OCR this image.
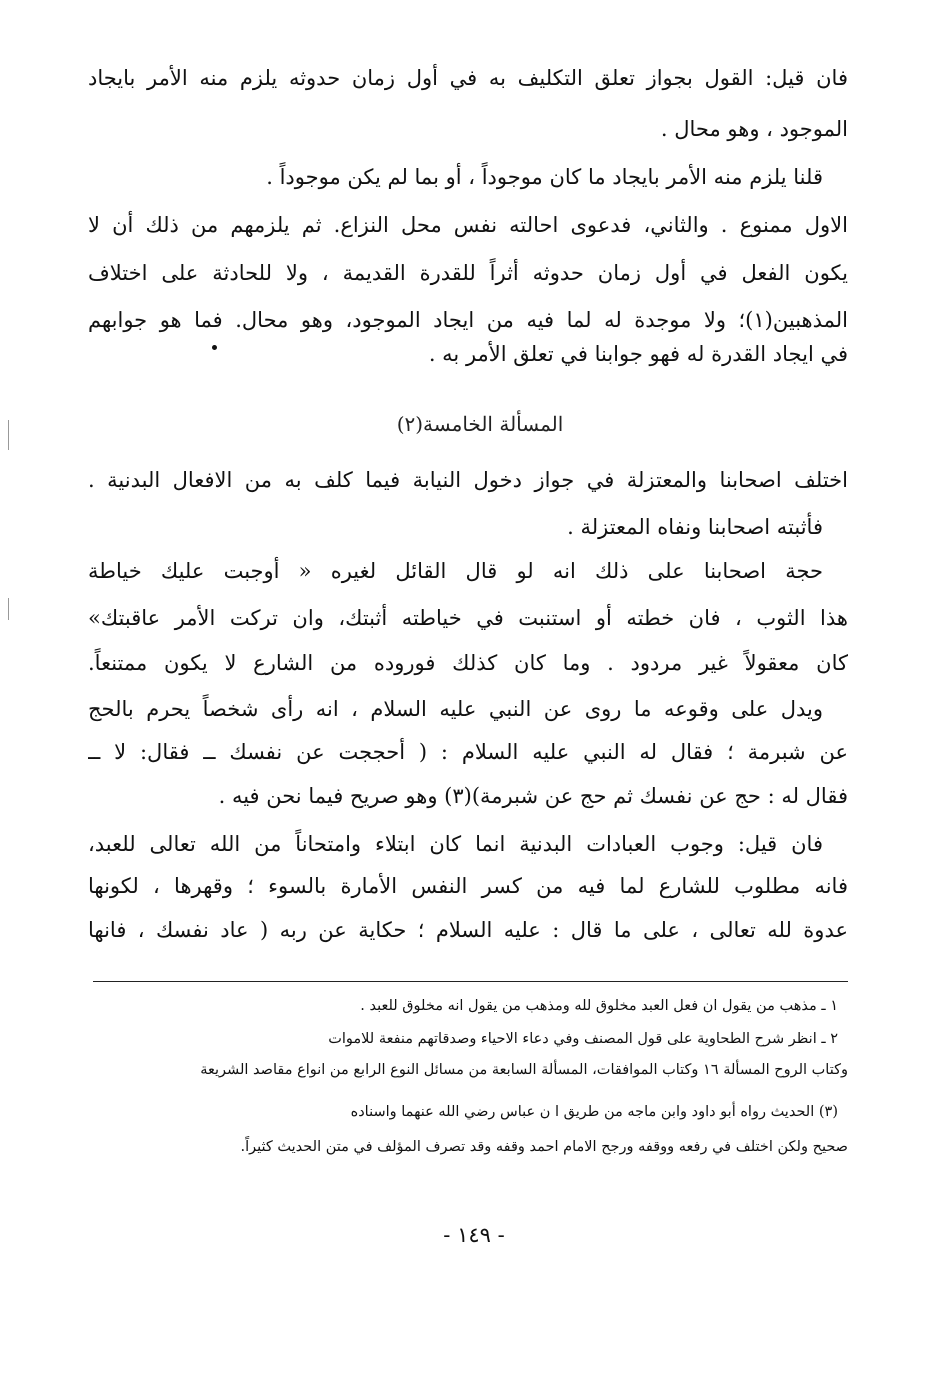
فان قيل: القول بجواز تعلق التكليف به في أول زمان حدوثه يلزم منه الأمر بايجاد
الموجود ، وهو محال .
قلنا يلزم منه الأمر بايجاد ما كان موجوداً ، أو بما لم يكن موجوداً .
الاول ممنوع . والثاني، فدعوى احالته نفس محل النزاع. ثم يلزمهم من ذلك أن لا
يكون الفعل في أول زمان حدوثه أثراً للقدرة القديمة ، ولا للحادثة على اختلاف
المذهبين(١)؛ ولا موجدة له لما فيه من ايجاد الموجود، وهو محال. فما هو جوابهم
في ايجاد القدرة له فهو جوابنا في تعلق الأمر به .
المسألة الخامسة(٢)
اختلف اصحابنا والمعتزلة في جواز دخول النيابة فيما كلف به من الافعال البدنية .
فأثبته اصحابنا ونفاه المعتزلة .
حجة اصحابنا على ذلك انه لو قال القائل لغيره « أوجبت عليك خياطة
هذا الثوب ، فان خطته أو استنبت في خياطته أثبتك، وان تركت الأمر عاقبتك»
كان معقولاً غير مردود . وما كان كذلك فوروده من الشارع لا يكون ممتنعاً.
ويدل على وقوعه ما روى عن النبي عليه السلام ، انه رأى شخصاً يحرم بالحج
عن شبرمة ؛ فقال له النبي عليه السلام : ( أحججت عن نفسك ــ فقال: لا ــ
فقال له : حج عن نفسك ثم حج عن شبرمة)(٣) وهو صريح فيما نحن فيه .
فان قيل: وجوب العبادات البدنية انما كان ابتلاء وامتحاناً من الله تعالى للعبد،
فانه مطلوب للشارع لما فيه من كسر النفس الأمارة بالسوء ؛ وقهرها ، لكونها
عدوة لله تعالى ، على ما قال : عليه السلام ؛ حكاية عن ربه ( عاد نفسك ، فانها
١ ـ مذهب من يقول ان فعل العبد مخلوق لله ومذهب من يقول انه مخلوق للعبد .
٢ ـ انظر شرح الطحاوية على قول المصنف وفي دعاء الاحياء وصدقاتهم منفعة للاموات
وكتاب الروح المسألة ١٦ وكتاب الموافقات، المسألة السابعة من مسائل النوع الرابع من انواع مقاصد الشريعة
(٣) الحديث رواه أبو داود وابن ماجه من طريق ا ن عباس رضي الله عنهما واسناده
صحيح ولكن اختلف في رفعه ووقفه ورجح الامام احمد وقفه وقد تصرف المؤلف في متن الحديث كثيراً.
- ١٤٩ -
